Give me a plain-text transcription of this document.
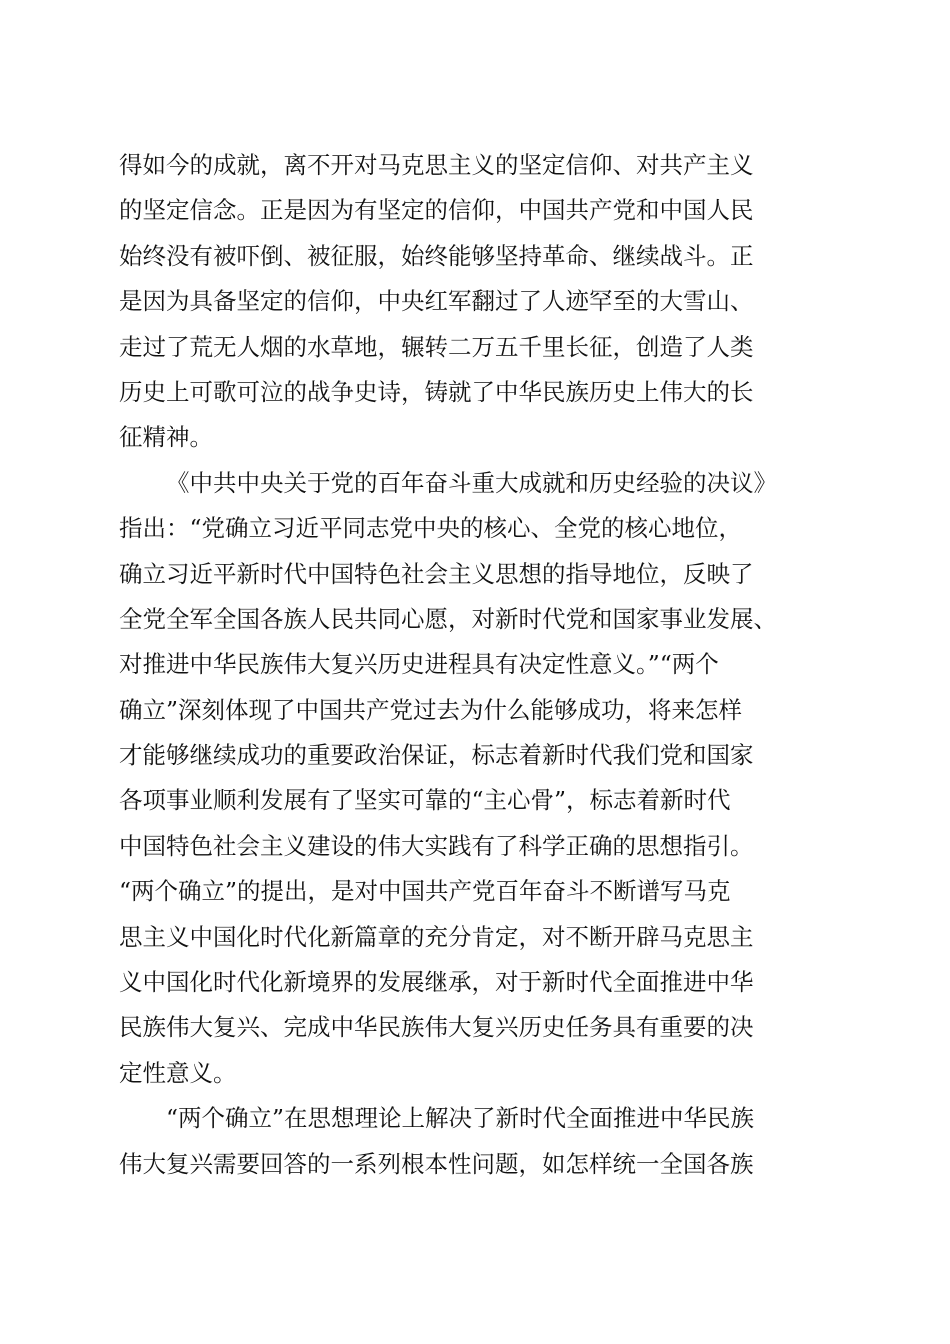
得如今的成就，离不开对马克思主义的坚定信仰、对共产主义
的坚定信念。正是因为有坚定的信仰，中国共产党和中国人民
始终没有被吓倒、被征服，始终能够坚持革命、继续战斗。正
是因为具备坚定的信仰，中央红军翻过了人迹罕至的大雪山、
走过了荒无人烟的水草地，辗转二万五千里长征，创造了人类
历史上可歌可泣的战争史诗，铸就了中华民族历史上伟大的长
征精神。
《中共中央关于党的百年奋斗重大成就和历史经验的决议》
指出：“党确立习近平同志党中央的核心、全党的核心地位，
确立习近平新时代中国特色社会主义思想的指导地位，反映了
全党全军全国各族人民共同心愿，对新时代党和国家事业发展、
对推进中华民族伟大复兴历史进程具有决定性意义。”“两个
确立”深刻体现了中国共产党过去为什么能够成功，将来怎样
才能够继续成功的重要政治保证，标志着新时代我们党和国家
各项事业顺利发展有了坚实可靠的“主心骨”，标志着新时代
中国特色社会主义建设的伟大实践有了科学正确的思想指引。
“两个确立”的提出，是对中国共产党百年奋斗不断谱写马克
思主义中国化时代化新篇章的充分肯定，对不断开辟马克思主
义中国化时代化新境界的发展继承，对于新时代全面推进中华
民族伟大复兴、完成中华民族伟大复兴历史任务具有重要的决
定性意义。
“两个确立”在思想理论上解决了新时代全面推进中华民族
伟大复兴需要回答的一系列根本性问题，如怎样统一全国各族
